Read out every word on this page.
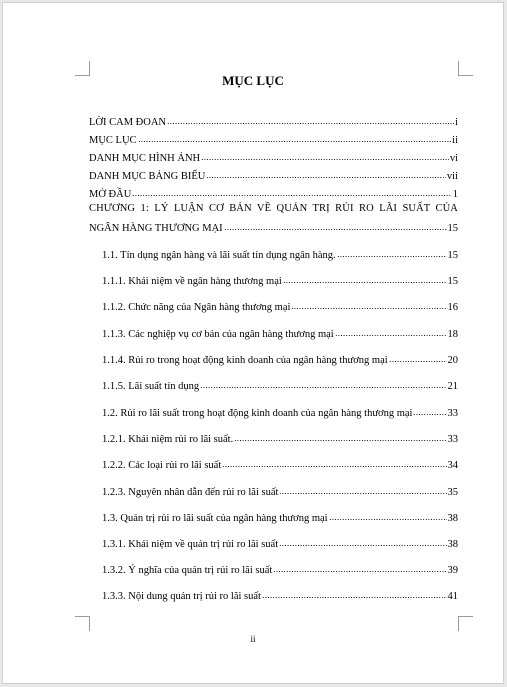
MỤC LỤC
LỜI CAM ĐOAN	i
MỤC LỤC	ii
DANH MỤC HÌNH ẢNH	vi
DANH MỤC BẢNG BIỂU	vii
MỞ ĐẦU	1
CHƯƠNG 1: LÝ LUẬN CƠ BẢN VỀ QUẢN TRỊ RỦI RO LÃI SUẤT CỦA
NGÂN HÀNG THƯƠNG MẠI	15
1.1. Tín dụng ngân hàng và lãi suất tín dụng ngân hàng.	15
1.1.1. Khái niệm về ngân hàng thương mại	15
1.1.2. Chức năng của Ngân hàng thương mại	16
1.1.3. Các nghiệp vụ cơ bản của ngân hàng thương mại	18
1.1.4. Rủi ro trong hoạt động kinh doanh của ngân hàng thương mại	20
1.1.5. Lãi suất tín dụng	21
1.2. Rủi ro lãi suất trong hoạt động kinh doanh của ngân hàng thương mại	33
1.2.1. Khái niệm rủi ro lãi suất.	33
1.2.2. Các loại rủi ro lãi suất	34
1.2.3. Nguyên nhân dẫn đến rủi ro lãi suất	35
1.3. Quản trị rủi ro lãi suất của ngân hàng thương mại	38
1.3.1. Khái niệm về quản trị rủi ro lãi suất	38
1.3.2. Ý nghĩa của quản trị rủi ro lãi suất	39
1.3.3. Nội dung quản trị rủi ro lãi suất	41
ii
